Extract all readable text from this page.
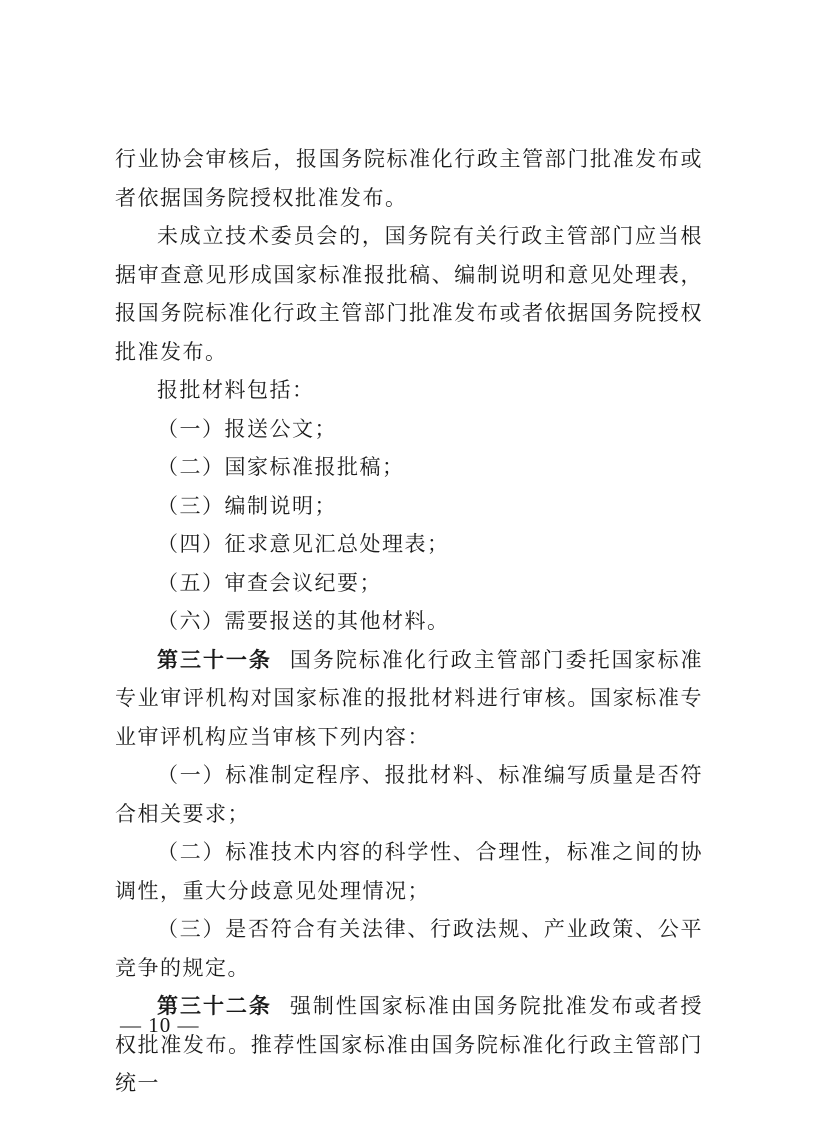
行业协会审核后，报国务院标准化行政主管部门批准发布或者依据国务院授权批准发布。

未成立技术委员会的，国务院有关行政主管部门应当根据审查意见形成国家标准报批稿、编制说明和意见处理表，报国务院标准化行政主管部门批准发布或者依据国务院授权批准发布。

报批材料包括：

（一）报送公文；

（二）国家标准报批稿；

（三）编制说明；

（四）征求意见汇总处理表；

（五）审查会议纪要；

（六）需要报送的其他材料。

第三十一条 国务院标准化行政主管部门委托国家标准专业审评机构对国家标准的报批材料进行审核。国家标准专业审评机构应当审核下列内容：

（一）标准制定程序、报批材料、标准编写质量是否符合相关要求；

（二）标准技术内容的科学性、合理性，标准之间的协调性，重大分歧意见处理情况；

（三）是否符合有关法律、行政法规、产业政策、公平竞争的规定。

第三十二条 强制性国家标准由国务院批准发布或者授权批准发布。推荐性国家标准由国务院标准化行政主管部门统一

— 10 —
